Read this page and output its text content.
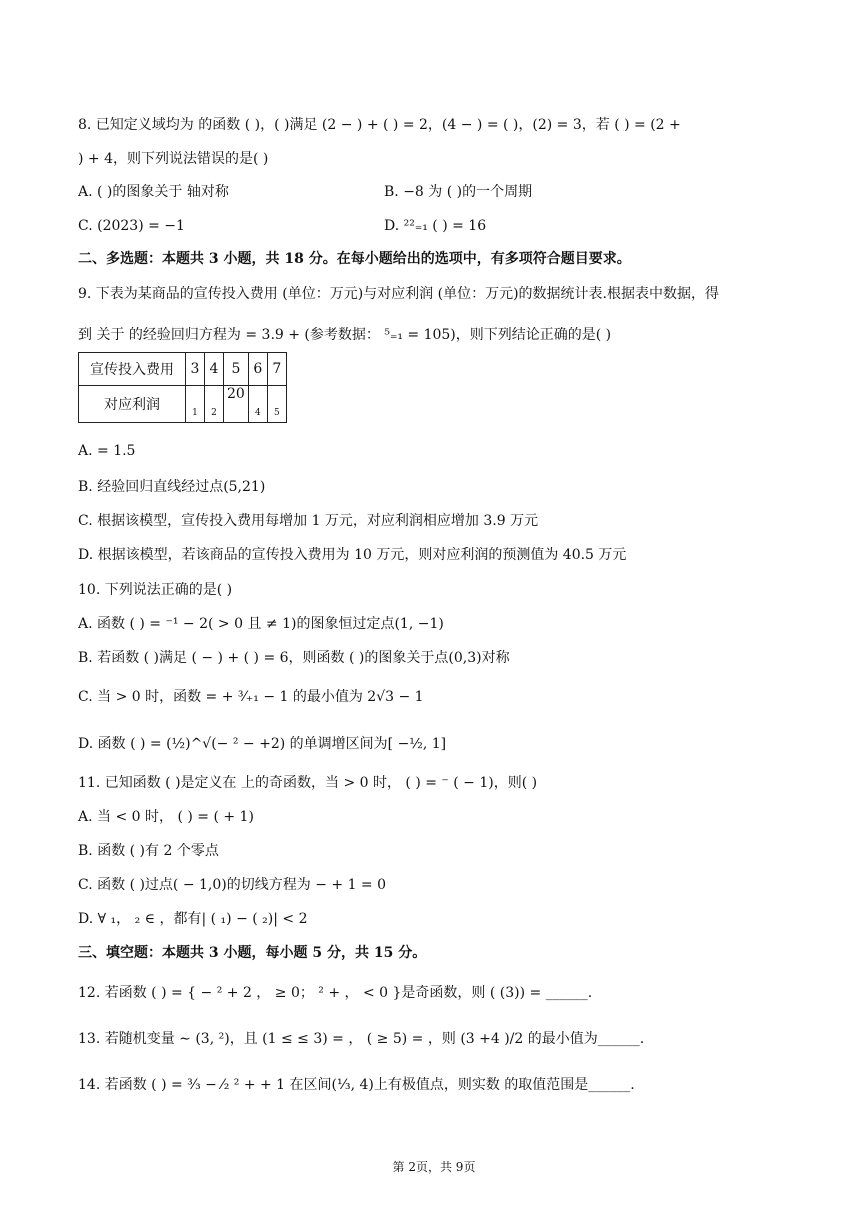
8. 已知定义域均为 的函数 ( )，( )满足 (2 − ) + ( ) = 2，(4 − ) = ( )，(2) = 3，若 ( ) = (2 +
) + 4，则下列说法错误的是( )
A. ( )的图象关于 轴对称	B. −8 为 ( )的一个周期
C. (2023) = −1	D. ²²₌₁ ( ) = 16
二、多选题：本题共 3 小题，共 18 分。在每小题给出的选项中，有多项符合题目要求。
9. 下表为某商品的宣传投入费用 (单位：万元)与对应利润 (单位：万元)的数据统计表.根据表中数据，得
到 关于 的经验回归方程为 = 3.9 + (参考数据： ⁵₌₁ = 105)，则下列结论正确的是( )
宣传投入费用	3	4	5	6	7
对应利润	1	2	20	4	5
A. = 1.5
B. 经验回归直线经过点(5,21)
C. 根据该模型，宣传投入费用每增加 1 万元，对应利润相应增加 3.9 万元
D. 根据该模型，若该商品的宣传投入费用为 10 万元，则对应利润的预测值为 40.5 万元
10. 下列说法正确的是( )
A. 函数 ( ) = ⁻¹ − 2( > 0 且 ≠ 1)的图象恒过定点(1, −1)
B. 若函数 ( )满足 ( − ) + ( ) = 6，则函数 ( )的图象关于点(0,3)对称
C. 当 > 0 时，函数 = + ³⁄₊₁ − 1 的最小值为 2√3 − 1
D. 函数 ( ) = (½)^√(− ² − +2) 的单调增区间为[ −½, 1]
11. 已知函数 ( )是定义在 上的奇函数，当 > 0 时， ( ) = ⁻ ( − 1)，则( )
A. 当 < 0 时， ( ) = ( + 1)
B. 函数 ( )有 2 个零点
C. 函数 ( )过点( − 1,0)的切线方程为 − + 1 = 0
D. ∀ ₁， ₂ ∈ ，都有| ( ₁) − ( ₂)| < 2
三、填空题：本题共 3 小题，每小题 5 分，共 15 分。
12. 若函数 ( ) = { − ² + 2 ， ≥ 0； ² + ， < 0 }是奇函数，则 ( (3)) = ______.
13. 若随机变量 ∼ (3, ²)，且 (1 ≤ ≤ 3) = ， ( ≥ 5) = ，则 (3 +4 )/2 的最小值为______.
14. 若函数 ( ) = ³⁄₃ − ⁄₂ ² + + 1 在区间(⅓, 4)上有极值点，则实数 的取值范围是______.
第 2页，共 9页
